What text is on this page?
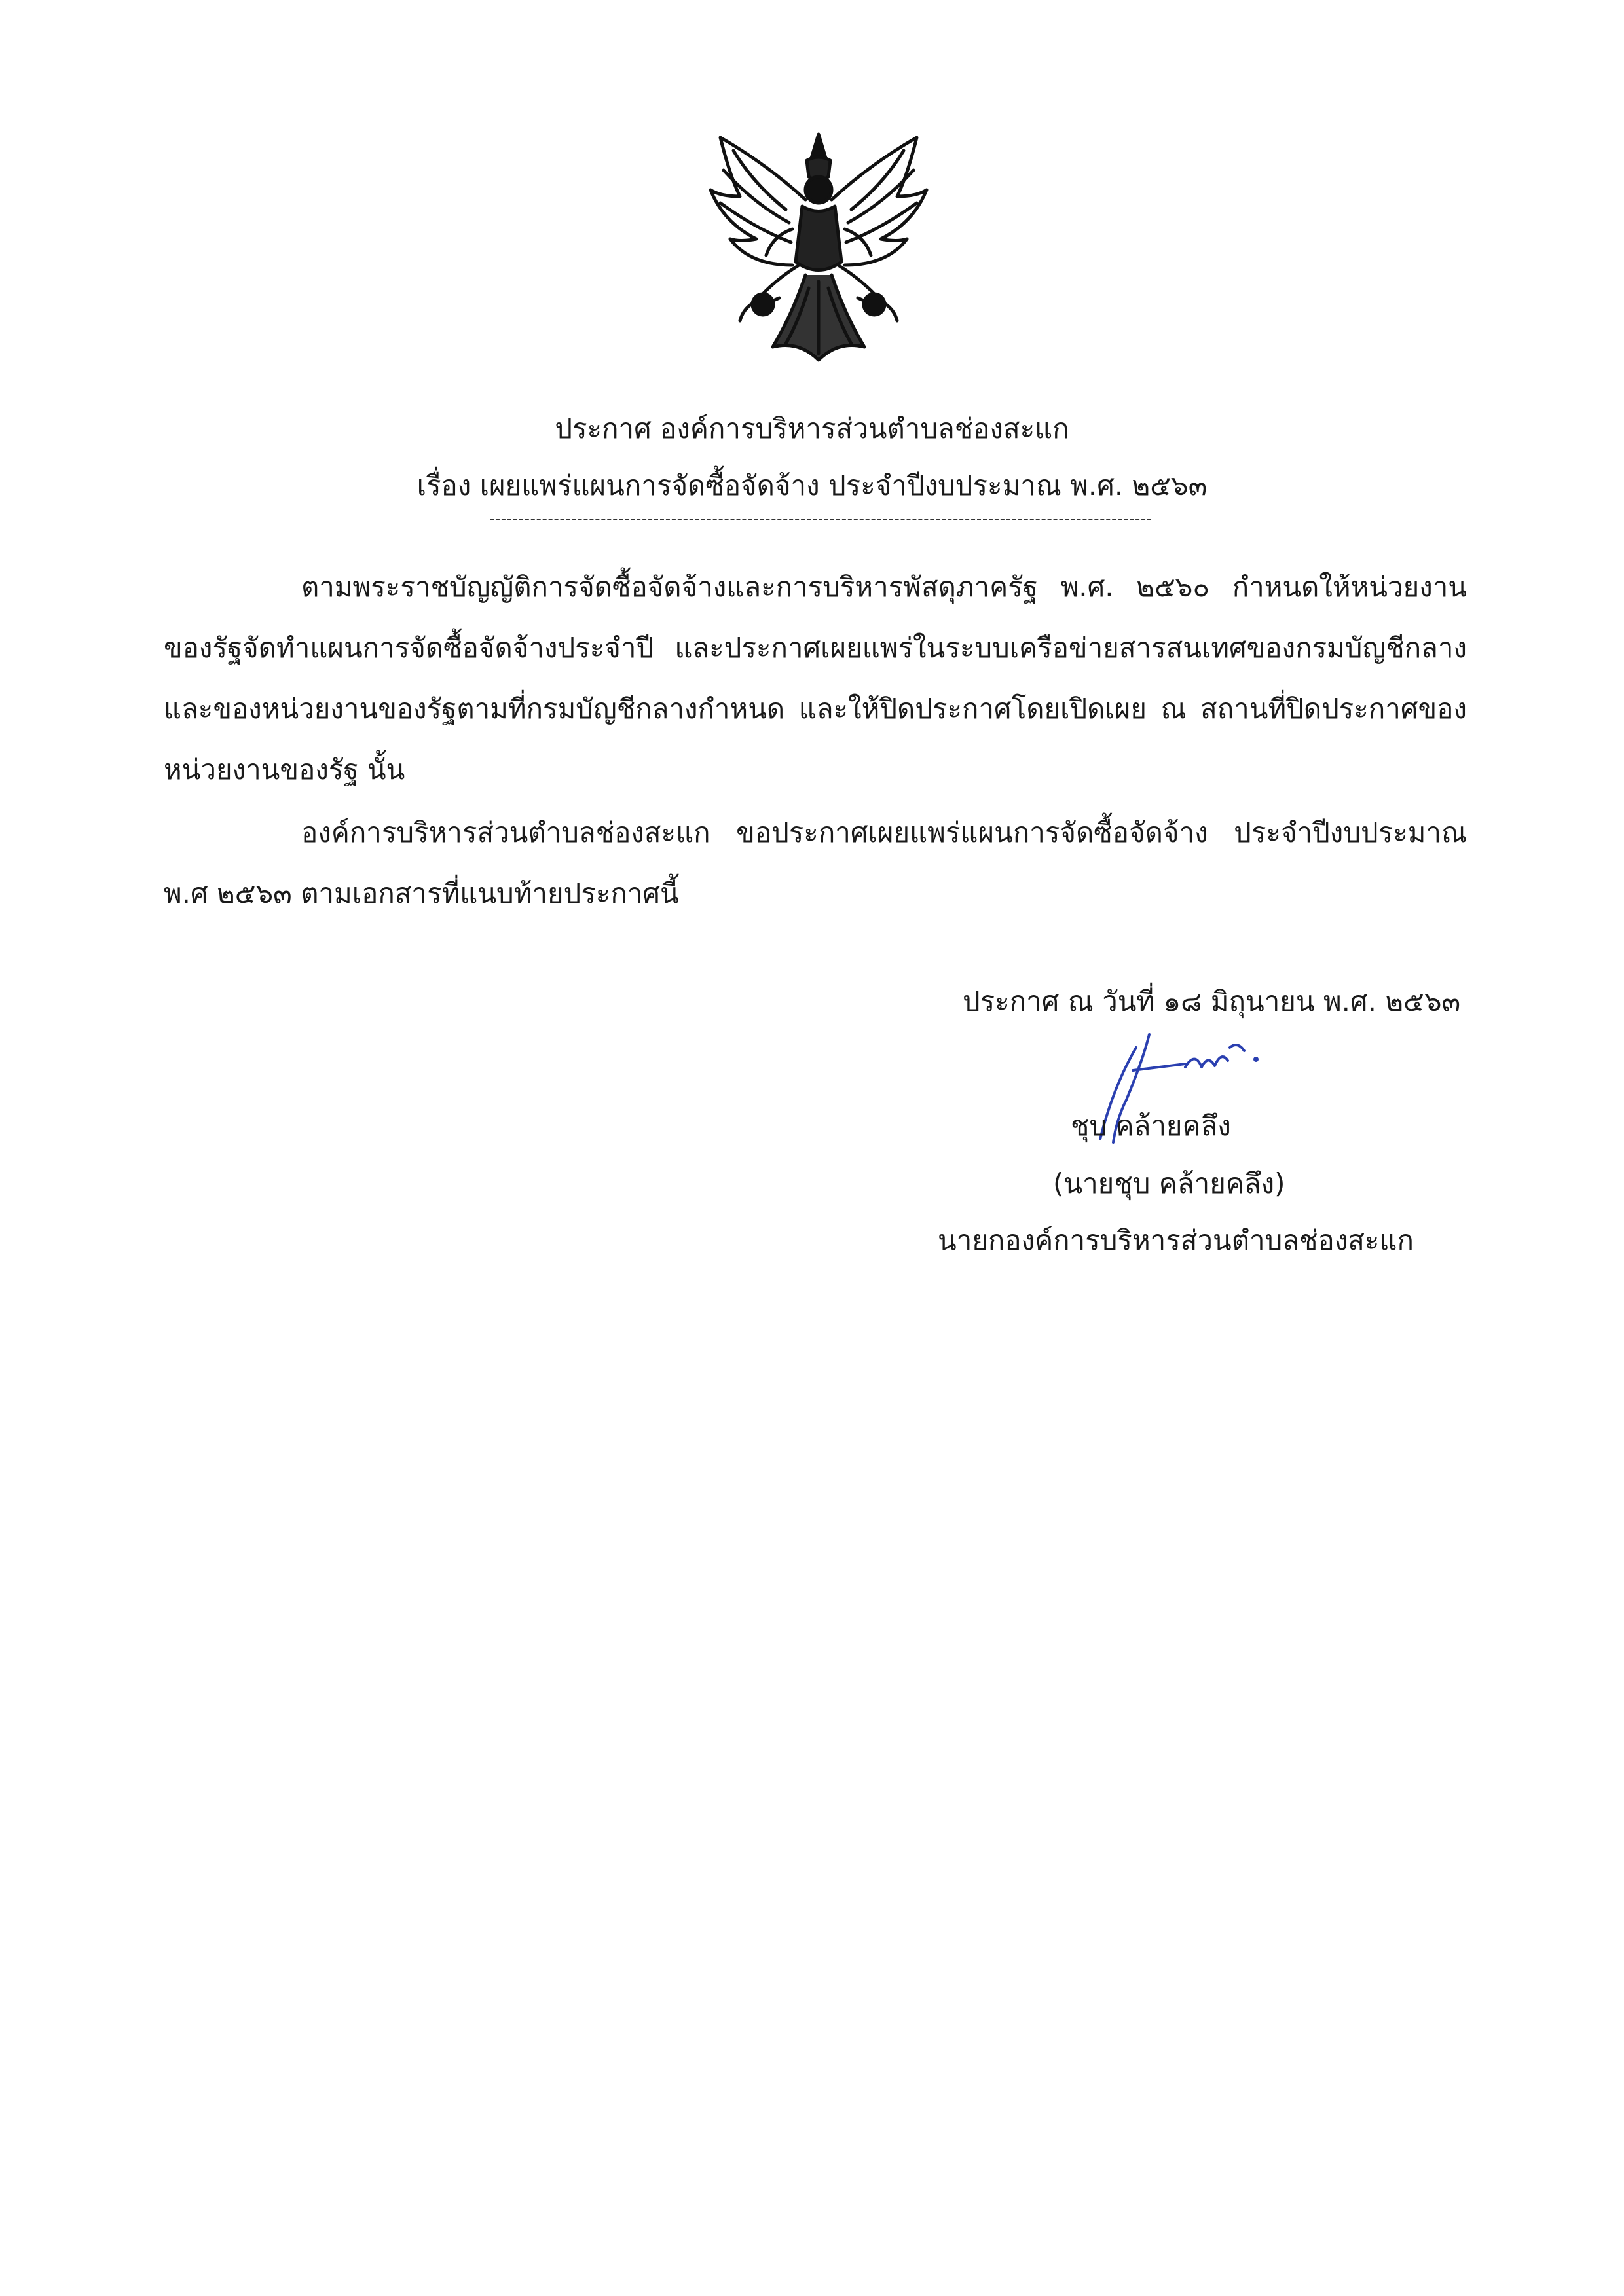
ประกาศ องค์การบริหารส่วนตำบลช่องสะแก
เรื่อง เผยแพร่แผนการจัดซื้อจัดจ้าง ประจำปีงบประมาณ พ.ศ. ๒๕๖๓
ตามพระราชบัญญัติการจัดซื้อจัดจ้างและการบริหารพัสดุภาครัฐ พ.ศ. ๒๕๖๐ กำหนดให้หน่วยงานของรัฐจัดทำแผนการจัดซื้อจัดจ้างประจำปี และประกาศเผยแพร่ในระบบเครือข่ายสารสนเทศของกรมบัญชีกลางและของหน่วยงานของรัฐตามที่กรมบัญชีกลางกำหนด และให้ปิดประกาศโดยเปิดเผย ณ สถานที่ปิดประกาศของหน่วยงานของรัฐ นั้น
องค์การบริหารส่วนตำบลช่องสะแก ขอประกาศเผยแพร่แผนการจัดซื้อจัดจ้าง ประจำปีงบประมาณ พ.ศ ๒๕๖๓ ตามเอกสารที่แนบท้ายประกาศนี้
ประกาศ ณ วันที่ ๑๘ มิถุนายน พ.ศ. ๒๕๖๓
ชุบ คล้ายคลึง
(นายชุบ คล้ายคลึง)
นายกองค์การบริหารส่วนตำบลช่องสะแก
